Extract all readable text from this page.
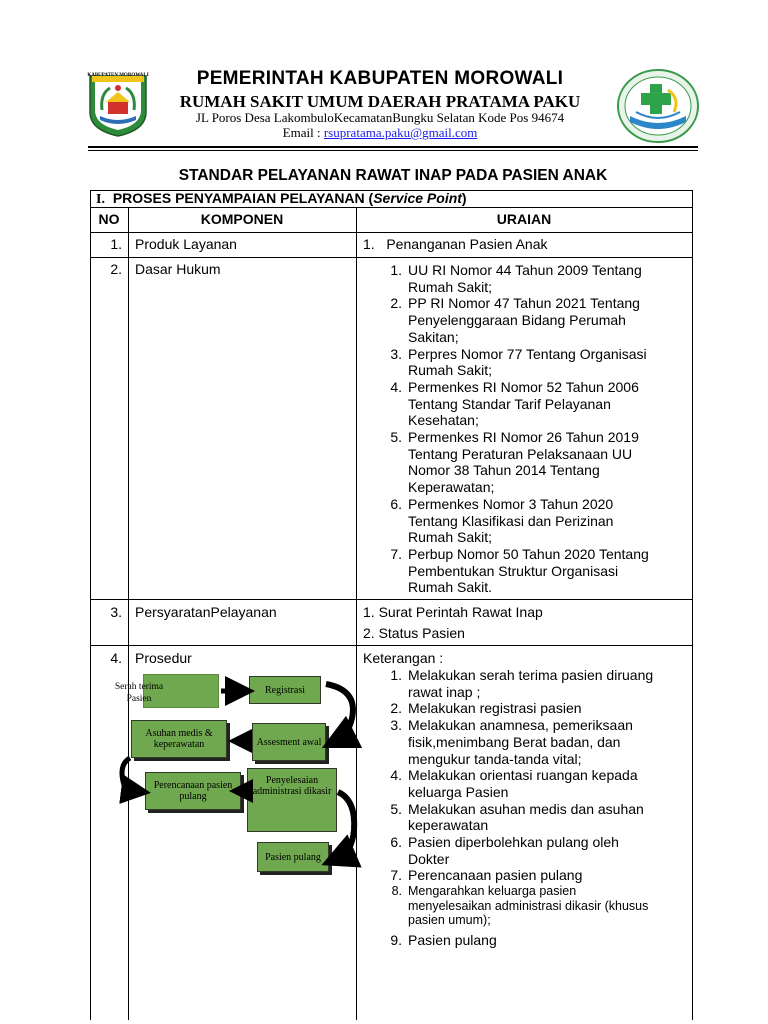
KABUPATEN MOROWALI	PEMERINTAH KABUPATEN MOROWALI
RUMAH SAKIT UMUM DAERAH PRATAMA PAKU
JL Poros Desa LakombuloKecamatanBungku Selatan Kode Pos 94674
Email : rsupratama.paku@gmail.com
STANDAR PELAYANAN RAWAT INAP PADA PASIEN ANAK
I. PROSES PENYAMPAIAN PELAYANAN (Service Point)
NO	KOMPONEN	URAIAN
1. Produk Layanan	1.   Penanganan Pasien Anak
2. Dasar Hukum	1. UU RI Nomor 44 Tahun 2009 Tentang
Rumah Sakit;
2. PP RI Nomor 47 Tahun 2021 Tentang
Penyelenggaraan Bidang Perumah
Sakitan;
3. Perpres Nomor 77 Tentang Organisasi
Rumah Sakit;
4. Permenkes RI Nomor 52 Tahun 2006
Tentang Standar Tarif Pelayanan
Kesehatan;
5. Permenkes RI Nomor 26 Tahun 2019
Tentang Peraturan Pelaksanaan UU
Nomor 38 Tahun 2014 Tentang
Keperawatan;
6. Permenkes Nomor 3 Tahun 2020
Tentang Klasifikasi dan Perizinan
Rumah Sakit;
7. Perbup Nomor 50 Tahun 2020 Tentang
Pembentukan Struktur Organisasi
Rumah Sakit.
3. PersyaratanPelayanan	1. Surat Perintah Rawat Inap
2. Status Pasien
4. Prosedur	Keterangan :
1. Melakukan serah terima pasien diruang
rawat inap ;
2. Melakukan registrasi pasien
3. Melakukan anamnesa, pemeriksaan
fisik,menimbang Berat badan, dan
mengukur tanda-tanda vital;
4. Melakukan orientasi ruangan kepada
keluarga Pasien
5. Melakukan asuhan medis dan asuhan
keperawatan
6. Pasien diperbolehkan pulang oleh
Dokter
7. Perencanaan pasien pulang
8. Mengarahkan keluarga pasien
menyelesaikan administrasi dikasir (khusus
pasien umum);
9. Pasien pulang
Serah terima Pasien
Registrasi
Asuhan medis & keperawatan	Assesment awal
Perencanaan pasien pulang
Penyelesaian administrasi dikasir
Pasien pulang
